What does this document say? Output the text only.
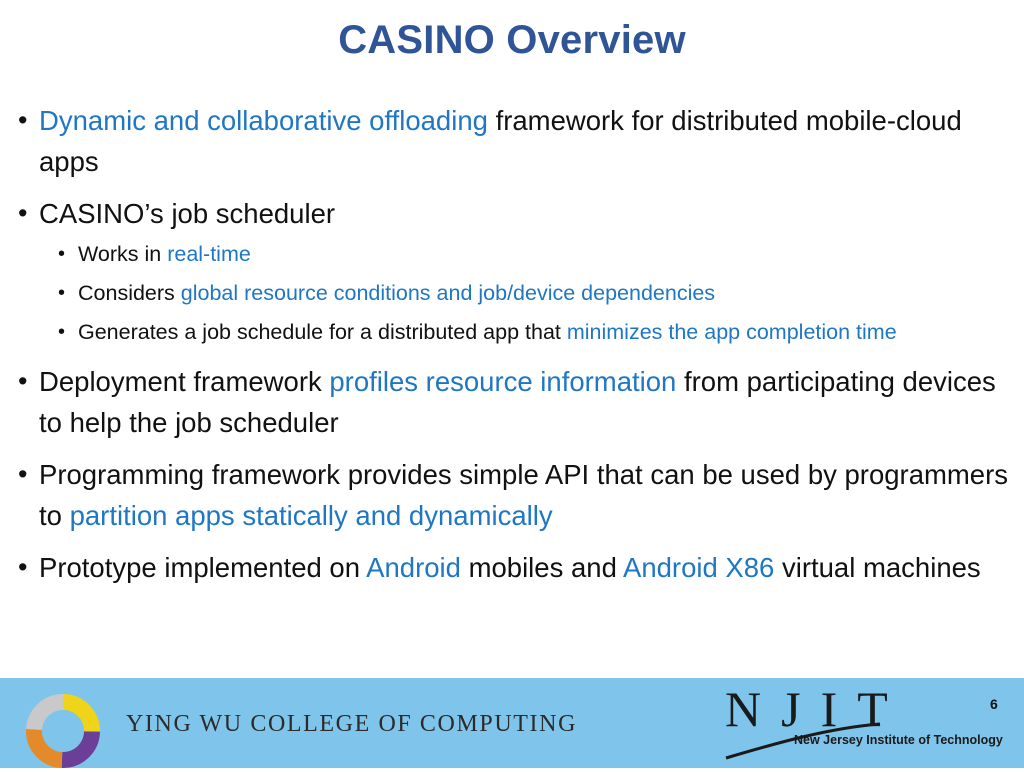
CASINO Overview
• Dynamic and collaborative offloading framework for distributed mobile-cloud apps
• CASINO’s job scheduler
• Works in real-time
• Considers global resource conditions and job/device dependencies
• Generates a job schedule for a distributed app that minimizes the app completion time
• Deployment framework profiles resource information from participating devices to help the job scheduler
• Programming framework provides simple API that can be used by programmers to partition apps statically and dynamically
• Prototype implemented on Android mobiles and Android X86 virtual machines
YING WU COLLEGE OF COMPUTING	NJIT
New Jersey Institute of Technology
6
